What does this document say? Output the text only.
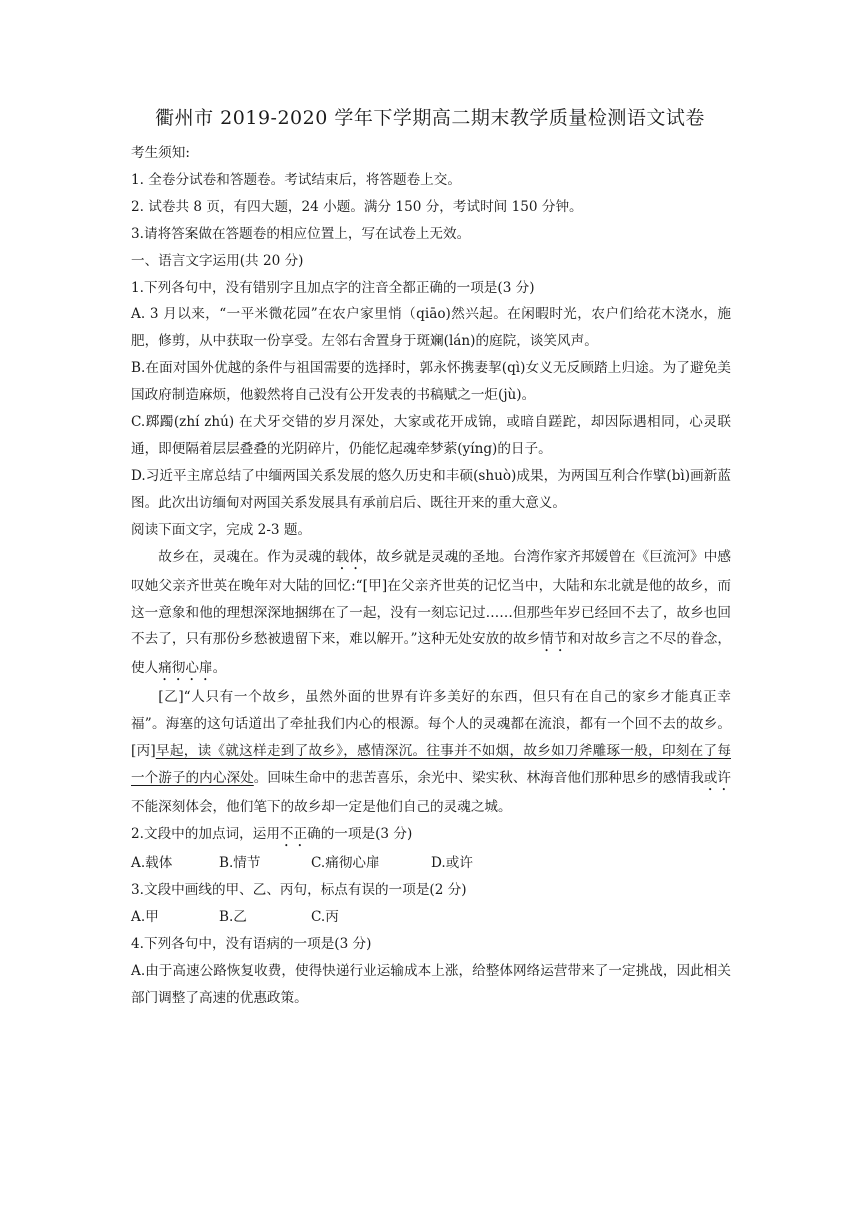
衢州市 2019-2020 学年下学期高二期末教学质量检测语文试卷

考生须知:

1. 全卷分试卷和答题卷。考试结束后，将答题卷上交。

2. 试卷共 8 页，有四大题，24 小题。满分 150 分，考试时间 150 分钟。

3.请将答案做在答题卷的相应位置上，写在试卷上无效。

一、语言文字运用(共 20 分)

1.下列各句中，没有错别字且加点字的注音全都正确的一项是(3 分)

A. 3 月以来，“一平米微花园”在农户家里悄（qiāo)然兴起。在闲暇时光，农户们给花木浇水，施肥，修剪，从中获取一份享受。左邻右舍置身于斑斓(lán)的庭院，谈笑风声。

B.在面对国外优越的条件与祖国需要的选择时，郭永怀携妻挈(qì)女义无反顾踏上归途。为了避免美国政府制造麻烦，他毅然将自己没有公开发表的书稿赋之一炬(jù)。

C.踯躅(zhí zhú) 在犬牙交错的岁月深处，大家或花开成锦，或暗自蹉跎，却因际遇相同，心灵联通，即便隔着层层叠叠的光阴碎片，仍能忆起魂牵梦萦(yíng)的日子。

D.习近平主席总结了中缅两国关系发展的悠久历史和丰硕(shuò)成果，为两国互利合作擘(bì)画新蓝图。此次出访缅甸对两国关系发展具有承前启后、既往开来的重大意义。

阅读下面文字，完成 2-3 题。

故乡在，灵魂在。作为灵魂的载体，故乡就是灵魂的圣地。台湾作家齐邦媛曾在《巨流河》中感叹她父亲齐世英在晚年对大陆的回忆:“[甲]在父亲齐世英的记忆当中，大陆和东北就是他的故乡，而这一意象和他的理想深深地捆绑在了一起，没有一刻忘记过……但那些年岁已经回不去了，故乡也回不去了，只有那份乡愁被遗留下来，难以解开。”这种无处安放的故乡情节和对故乡言之不尽的眷念，使人痛彻心扉。

[乙]“人只有一个故乡，虽然外面的世界有许多美好的东西，但只有在自己的家乡才能真正幸福”。海塞的这句话道出了牵扯我们内心的根源。每个人的灵魂都在流浪，都有一个回不去的故乡。[丙]早起，读《就这样走到了故乡》，感情深沉。往事并不如烟，故乡如刀斧雕琢一般，印刻在了每一个游子的内心深处。回味生命中的悲苦喜乐，余光中、梁实秋、林海音他们那种思乡的感情我或许不能深刻体会，他们笔下的故乡却一定是他们自己的灵魂之城。

2.文段中的加点词，运用不正确的一项是(3 分)

A.载体	B.情节	C.痛彻心扉	D.或许

3.文段中画线的甲、乙、丙句，标点有误的一项是(2 分)

A.甲	B.乙	C.丙

4.下列各句中，没有语病的一项是(3 分)

A.由于高速公路恢复收费，使得快递行业运输成本上涨，给整体网络运营带来了一定挑战，因此相关部门调整了高速的优惠政策。
